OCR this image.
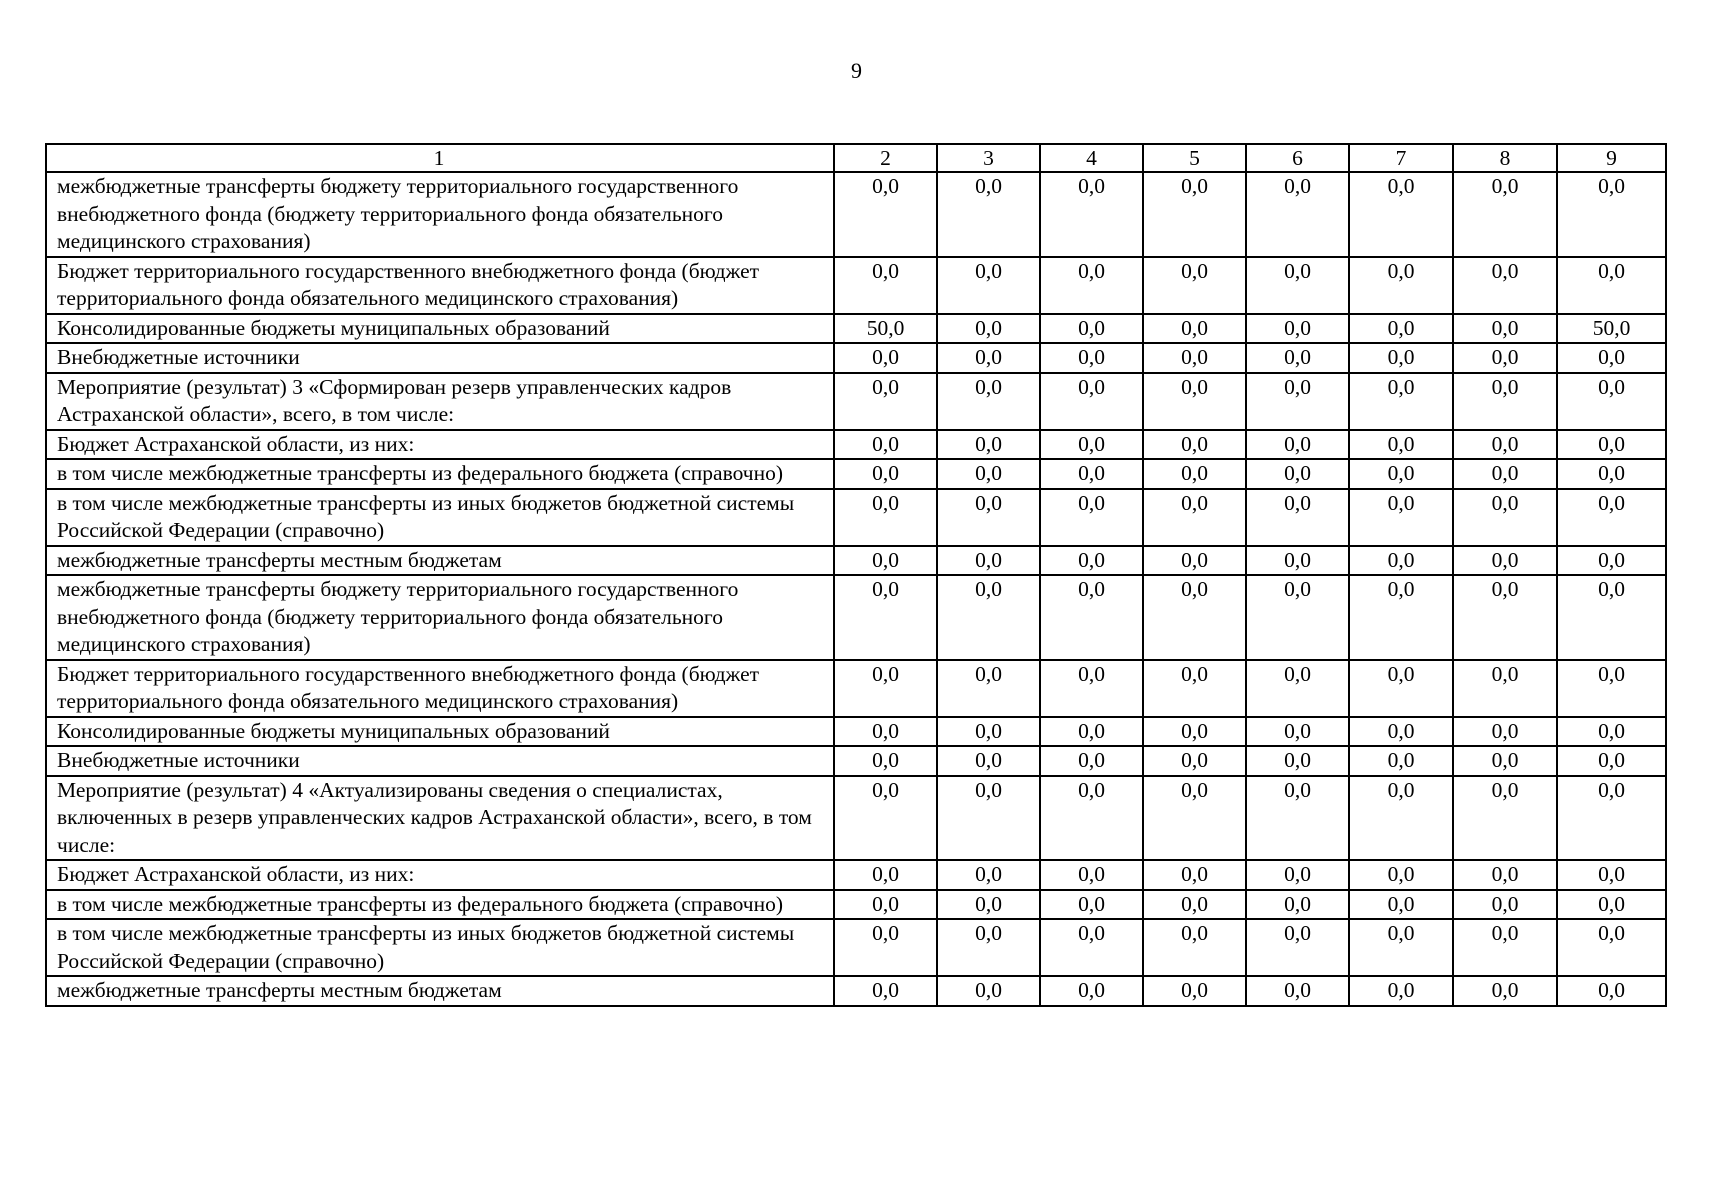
9
1	2	3	4	5	6	7	8	9
межбюджетные трансферты бюджету территориального государственного внебюджетного фонда (бюджету территориального фонда обязательного медицинского страхования)	0,0	0,0	0,0	0,0	0,0	0,0	0,0	0,0
Бюджет территориального государственного внебюджетного фонда (бюджет территориального фонда обязательного медицинского страхования)	0,0	0,0	0,0	0,0	0,0	0,0	0,0	0,0
Консолидированные бюджеты муниципальных образований	50,0	0,0	0,0	0,0	0,0	0,0	0,0	50,0
Внебюджетные источники	0,0	0,0	0,0	0,0	0,0	0,0	0,0	0,0
Мероприятие (результат) 3 «Сформирован резерв управленческих кадров Астраханской области», всего, в том числе:	0,0	0,0	0,0	0,0	0,0	0,0	0,0	0,0
Бюджет Астраханской области, из них:	0,0	0,0	0,0	0,0	0,0	0,0	0,0	0,0
в том числе межбюджетные трансферты из федерального бюджета (справочно)	0,0	0,0	0,0	0,0	0,0	0,0	0,0	0,0
в том числе межбюджетные трансферты из иных бюджетов бюджетной системы Российской Федерации (справочно)	0,0	0,0	0,0	0,0	0,0	0,0	0,0	0,0
межбюджетные трансферты местным бюджетам	0,0	0,0	0,0	0,0	0,0	0,0	0,0	0,0
межбюджетные трансферты бюджету территориального государственного внебюджетного фонда (бюджету территориального фонда обязательного медицинского страхования)	0,0	0,0	0,0	0,0	0,0	0,0	0,0	0,0
Бюджет территориального государственного внебюджетного фонда (бюджет территориального фонда обязательного медицинского страхования)	0,0	0,0	0,0	0,0	0,0	0,0	0,0	0,0
Консолидированные бюджеты муниципальных образований	0,0	0,0	0,0	0,0	0,0	0,0	0,0	0,0
Внебюджетные источники	0,0	0,0	0,0	0,0	0,0	0,0	0,0	0,0
Мероприятие (результат) 4 «Актуализированы сведения о специалистах, включенных в резерв управленческих кадров Астраханской области», всего, в том числе:	0,0	0,0	0,0	0,0	0,0	0,0	0,0	0,0
Бюджет Астраханской области, из них:	0,0	0,0	0,0	0,0	0,0	0,0	0,0	0,0
в том числе межбюджетные трансферты из федерального бюджета (справочно)	0,0	0,0	0,0	0,0	0,0	0,0	0,0	0,0
в том числе межбюджетные трансферты из иных бюджетов бюджетной системы Российской Федерации (справочно)	0,0	0,0	0,0	0,0	0,0	0,0	0,0	0,0
межбюджетные трансферты местным бюджетам	0,0	0,0	0,0	0,0	0,0	0,0	0,0	0,0
